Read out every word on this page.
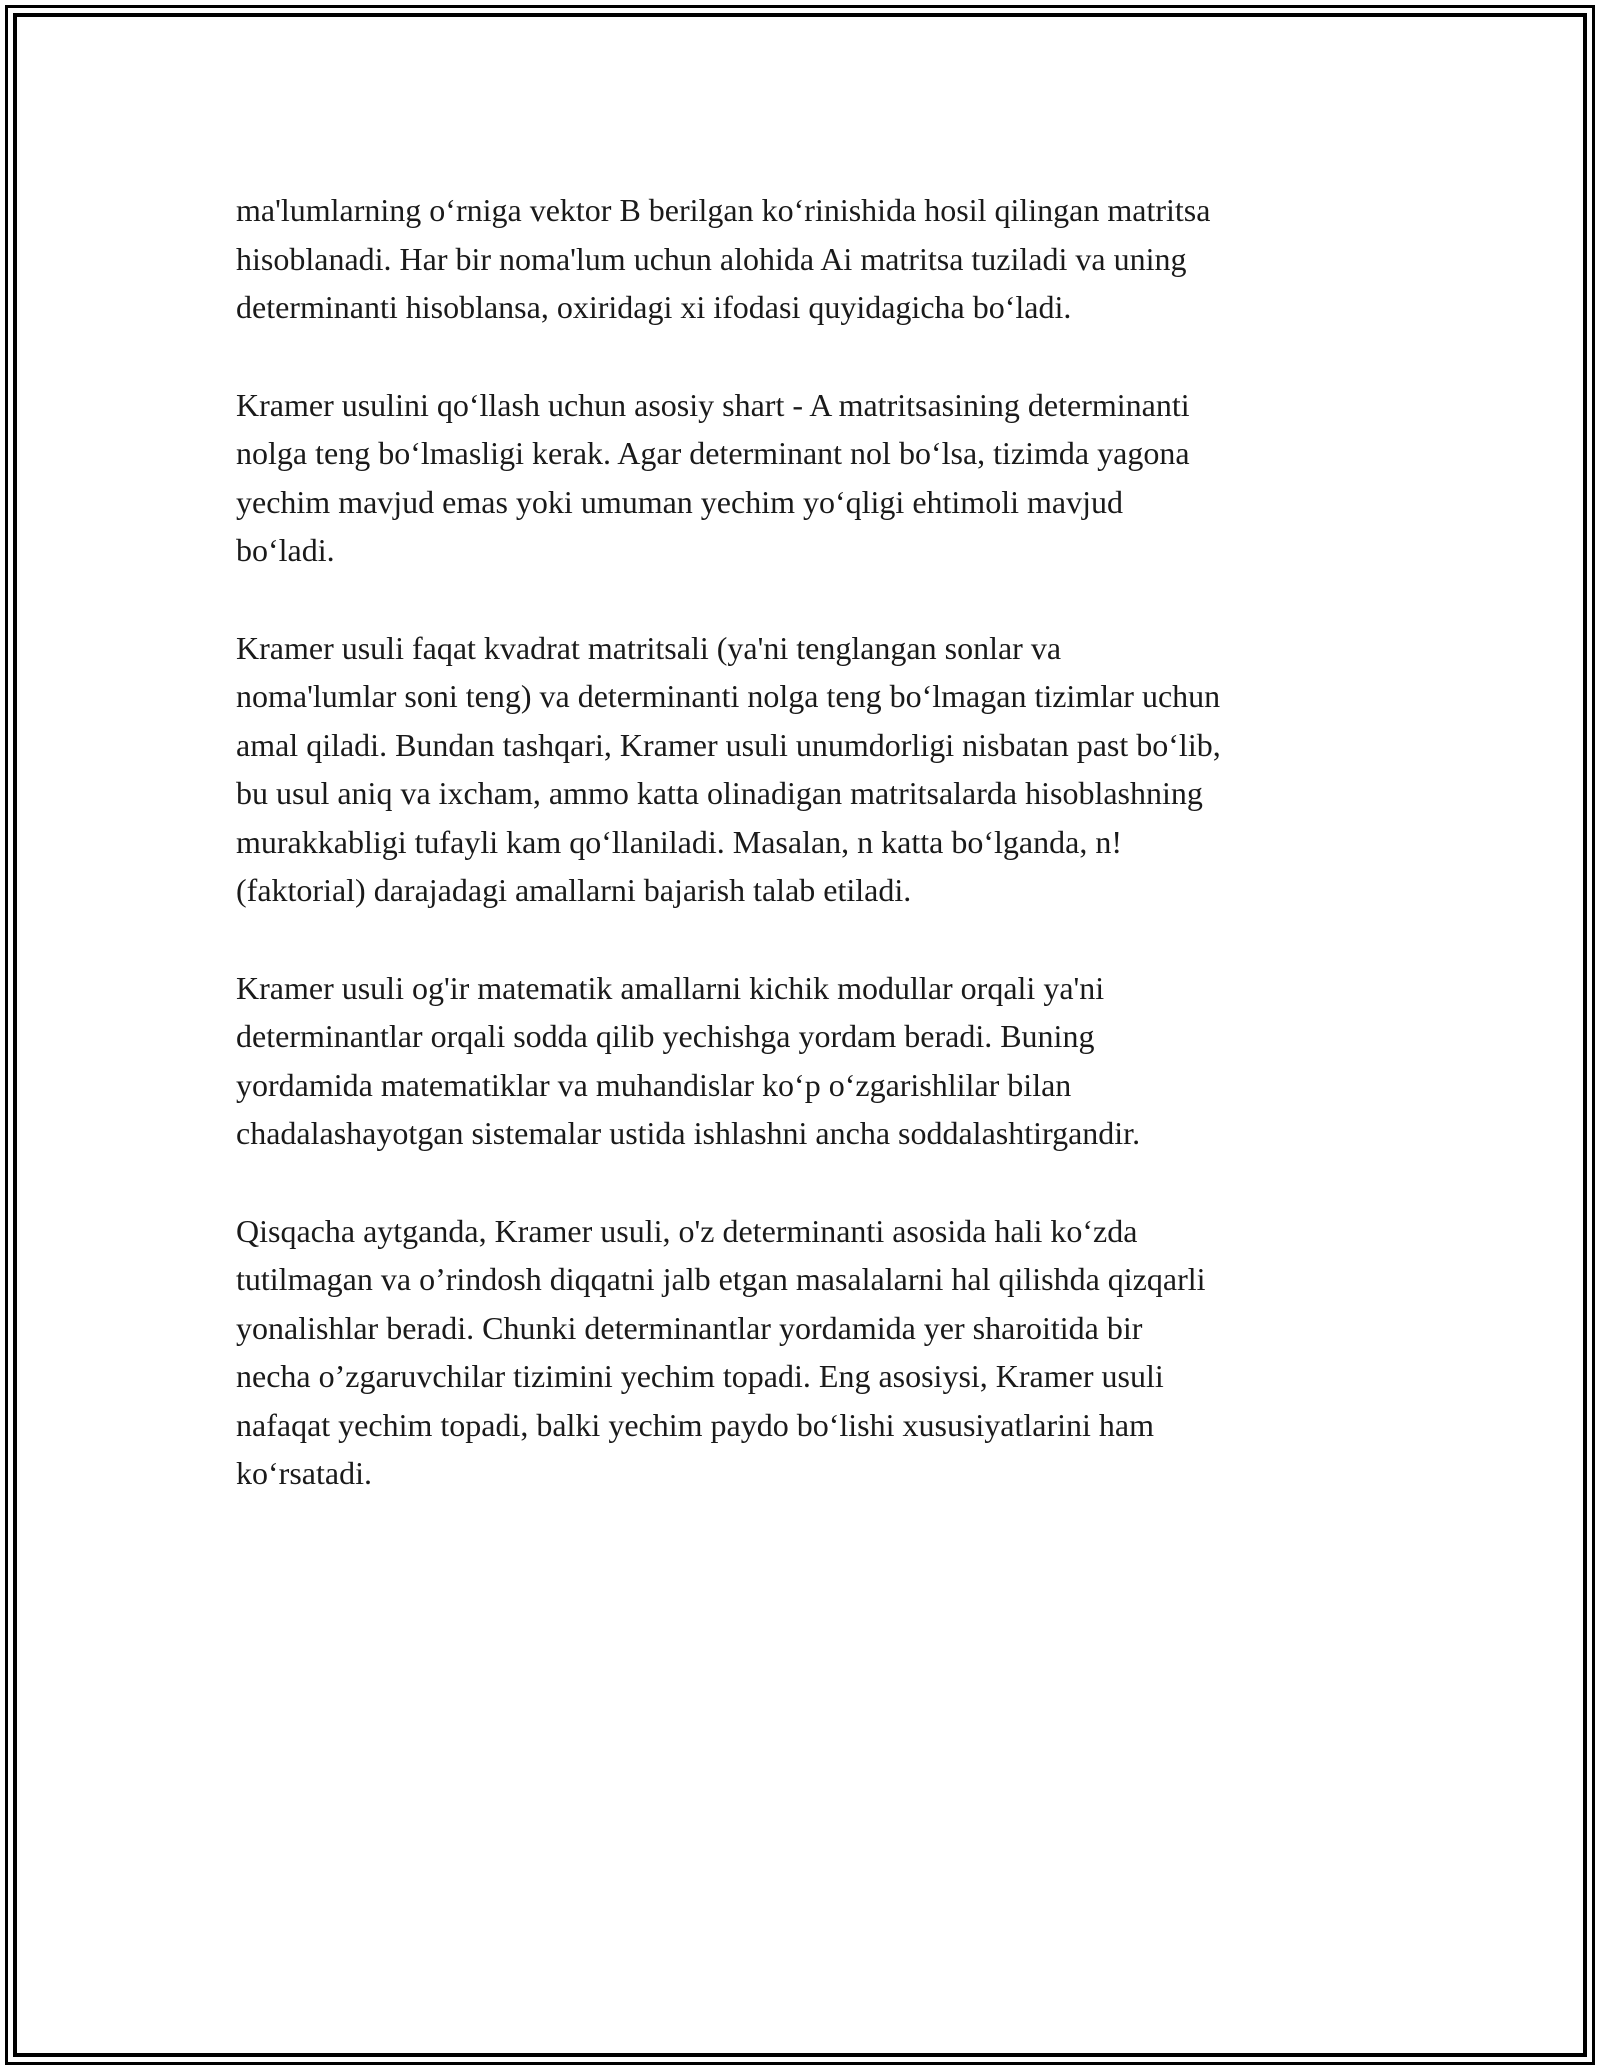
ma'lumlarning o‘rniga vektor B berilgan ko‘rinishida hosil qilingan matritsa
hisoblanadi. Har bir noma'lum uchun alohida Ai matritsa tuziladi va uning
determinanti hisoblansa, oxiridagi xi ifodasi quyidagicha bo‘ladi.

Kramer usulini qo‘llash uchun asosiy shart - A matritsasining determinanti
nolga teng bo‘lmasligi kerak. Agar determinant nol bo‘lsa, tizimda yagona
yechim mavjud emas yoki umuman yechim yo‘qligi ehtimoli mavjud
bo‘ladi.

Kramer usuli faqat kvadrat matritsali (ya'ni tenglangan sonlar va
noma'lumlar soni teng) va determinanti nolga teng bo‘lmagan tizimlar uchun
amal qiladi. Bundan tashqari, Kramer usuli unumdorligi nisbatan past bo‘lib,
bu usul aniq va ixcham, ammo katta olinadigan matritsalarda hisoblashning
murakkabligi tufayli kam qo‘llaniladi. Masalan, n katta bo‘lganda, n!
(faktorial) darajadagi amallarni bajarish talab etiladi.

Kramer usuli og'ir matematik amallarni kichik modullar orqali ya'ni
determinantlar orqali sodda qilib yechishga yordam beradi. Buning
yordamida matematiklar va muhandislar ko‘p o‘zgarishlilar bilan
chadalashayotgan sistemalar ustida ishlashni ancha soddalashtirgandir.

Qisqacha aytganda, Kramer usuli, o'z determinanti asosida hali ko‘zda
tutilmagan va o’rindosh diqqatni jalb etgan masalalarni hal qilishda qizqarli
yonalishlar beradi. Chunki determinantlar yordamida yer sharoitida bir
necha o’zgaruvchilar tizimini yechim topadi. Eng asosiysi, Kramer usuli
nafaqat yechim topadi, balki yechim paydo bo‘lishi xususiyatlarini ham
ko‘rsatadi.
